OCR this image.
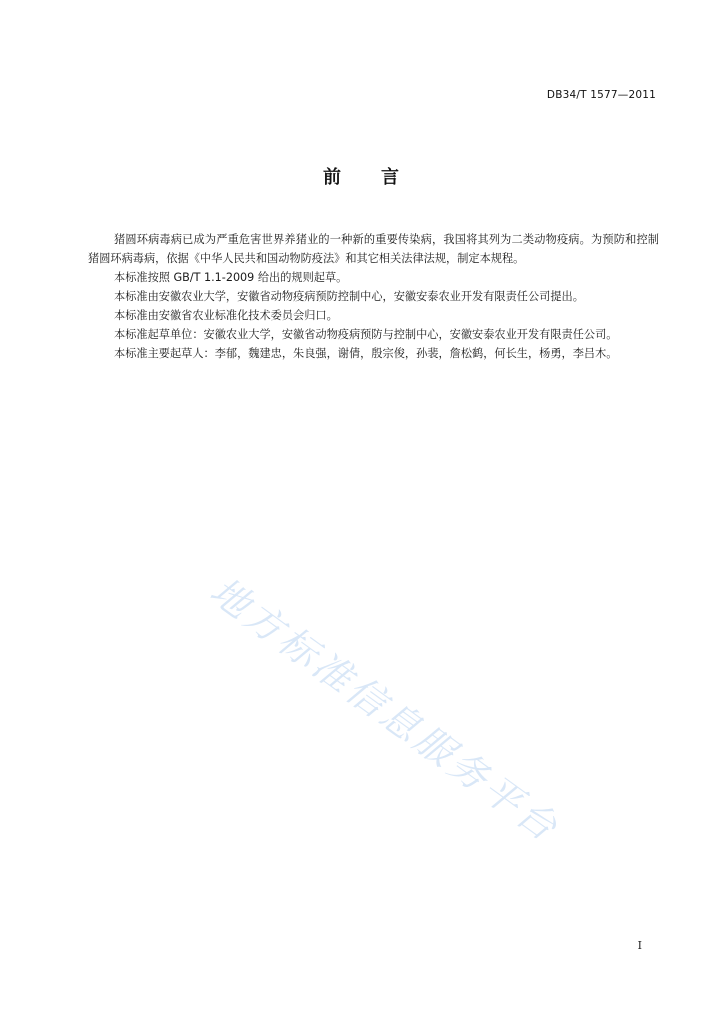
DB34/T 1577—2011
前 言

猪圆环病毒病已成为严重危害世界养猪业的一种新的重要传染病，我国将其列为二类动物疫病。为预防和控制猪圆环病毒病，依据《中华人民共和国动物防疫法》和其它相关法律法规，制定本规程。

本标准按照 GB/T 1.1-2009 给出的规则起草。

本标准由安徽农业大学，安徽省动物疫病预防控制中心，安徽安泰农业开发有限责任公司提出。

本标准由安徽省农业标准化技术委员会归口。

本标准起草单位：安徽农业大学，安徽省动物疫病预防与控制中心，安徽安泰农业开发有限责任公司。

本标准主要起草人：李郁，魏建忠，朱良强，谢倩，殷宗俊，孙裴，詹松鹤，何长生，杨勇，李吕木。

地方标准信息服务平台
I
